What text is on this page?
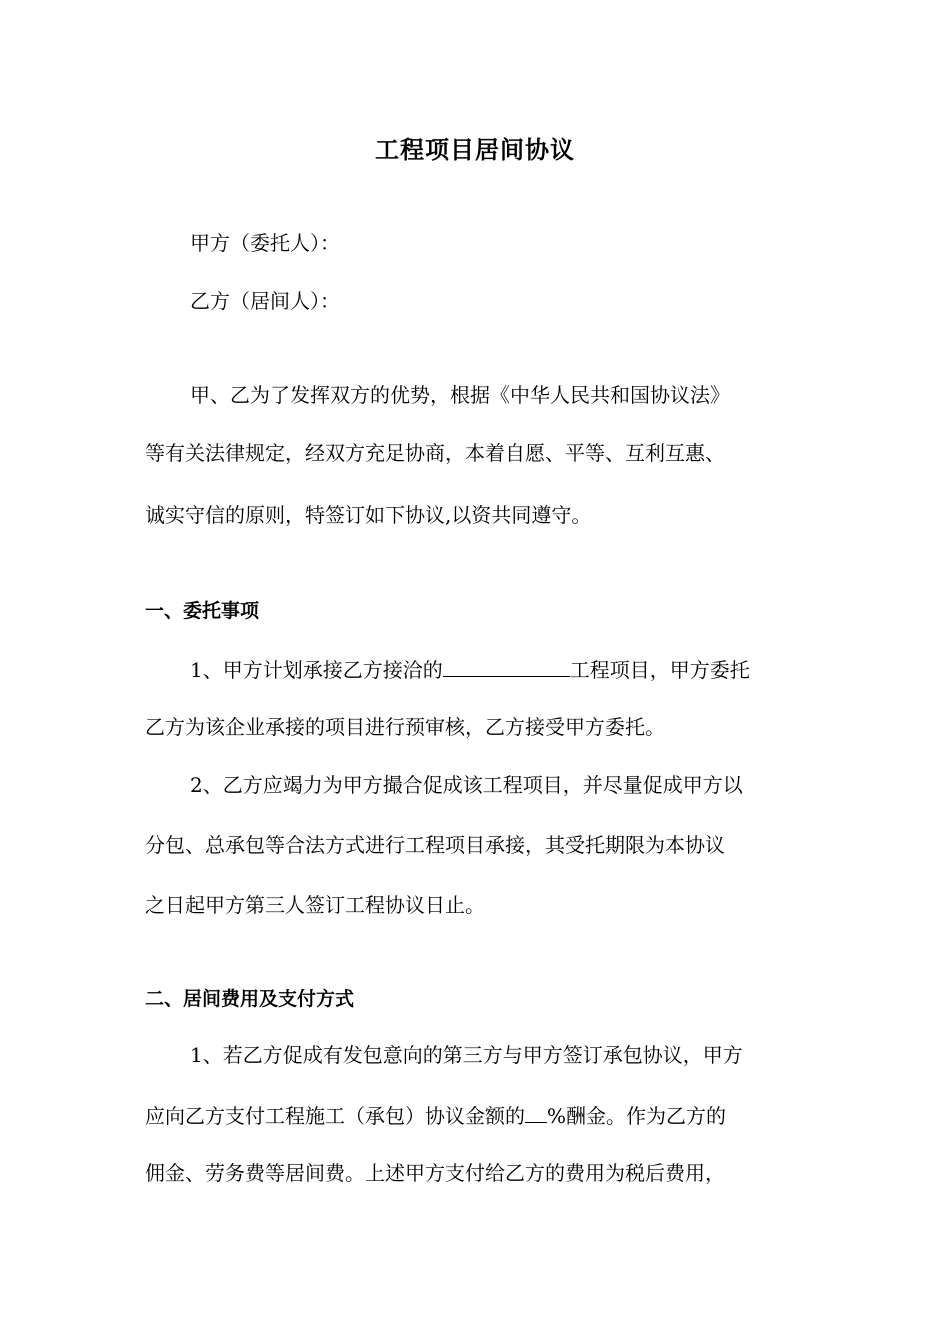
工程项目居间协议
甲方（委托人）：
乙方（居间人）：
甲、乙为了发挥双方的优势，根据《中华人民共和国协议法》
等有关法律规定，经双方充足协商，本着自愿、平等、互利互惠、
诚实守信的原则，特签订如下协议,以资共同遵守。
一、委托事项
1、甲方计划承接乙方接洽的	工程项目，甲方委托
乙方为该企业承接的项目进行预审核，乙方接受甲方委托。
2、乙方应竭力为甲方撮合促成该工程项目，并尽量促成甲方以
分包、总承包等合法方式进行工程项目承接，其受托期限为本协议
之日起甲方第三人签订工程协议日止。
二、居间费用及支付方式
1、若乙方促成有发包意向的第三方与甲方签订承包协议，甲方
应向乙方支付工程施工（承包）协议金额的 %酬金。作为乙方的
佣金、劳务费等居间费。上述甲方支付给乙方的费用为税后费用，
